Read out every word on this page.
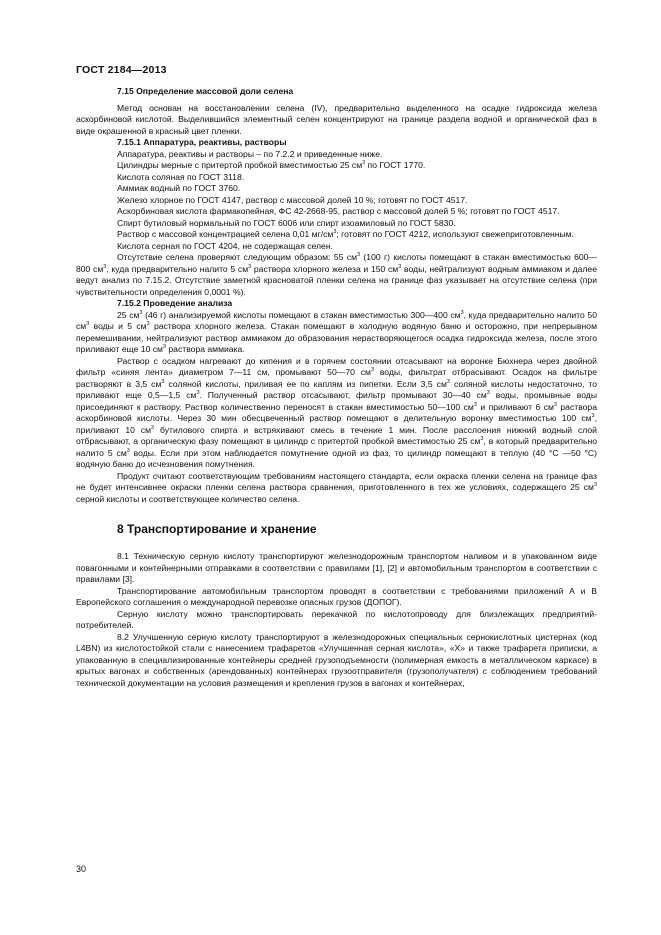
ГОСТ 2184—2013

7.15 Определение массовой доли селена

Метод основан на восстановлении селена (IV), предварительно выделенного на осадке гидроксида железа аскорбиновой кислотой. Выделившийся элементный селен концентрируют на границе раздела водной и органической фаз в виде окрашенной в красный цвет пленки.

7.15.1 Аппаратура, реактивы, растворы

Аппаратура, реактивы и растворы – по 7.2.2 и приведенные ниже.

Цилиндры мерные с притертой пробкой вместимостью 25 $см^3$ по ГОСТ 1770.

Кислота соляная по ГОСТ 3118.

Аммиак водный по ГОСТ 3760.

Железо хлорное по ГОСТ 4147, раствор с массовой долей 10 %; готовят по ГОСТ 4517.

Аскорбиновая кислота фармакопейная, ФС 42-2668-95, раствор с массовой долей 5 %; готовят по ГОСТ 4517.

Спирт бутиловый нормальный по ГОСТ 6006 или спирт изоамиловый по ГОСТ 5830.

Раствор с массовой концентрацией селена 0,01 $мг/см^3$; готовят по ГОСТ 4212, используют свежеприготовленным.

Кислота серная по ГОСТ 4204, не содержащая селен.

Отсутствие селена проверяют следующим образом: 55 $см^3$ (100 г) кислоты помещают в стакан вместимостью 600—800 $см^3$, куда предварительно налито 5 $см^3$ раствора хлорного железа и 150 $см^3$ воды, нейтрализуют водным аммиаком и далее ведут анализ по 7.15.2. Отсутствие заметной красноватой пленки селена на границе фаз указывает на отсутствие селена (при чувствительности определения 0,0001 %).

7.15.2 Проведение анализа

25 $см^3$ (46 г) анализируемой кислоты помещают в стакан вместимостью 300—400 $см^3$, куда предварительно налито 50 $см^3$ воды и 5 $см^3$ раствора хлорного железа. Стакан помещают в холодную водяную баню и осторожно, при непрерывном перемешивании, нейтрализуют раствор аммиаком до образования нерастворяющегося осадка гидроксида железа, после этого приливают еще 10 $см^3$ раствора аммиака.

Раствор с осадком нагревают до кипения и в горячем состоянии отсасывают на воронке Бюхнера через двойной фильтр «синяя лента» диаметром 7—11 см, промывают 50—70 $см^3$ воды, фильтрат отбрасывают. Осадок на фильтре растворяют в 3,5 $см^3$ соляной кислоты, приливая ее по каплям из пипетки. Если 3,5 $см^3$ соляной кислоты недостаточно, то приливают еще 0,5—1,5 $см^3$. Полученный раствор отсасывают, фильтр промывают 30—40 $см^3$ воды, промывные воды присоединяют к раствору. Раствор количественно переносят в стакан вместимостью 50—100 $см^3$ и приливают 6 $см^3$ раствора аскорбиновой кислоты. Через 30 мин обесцвеченный раствор помещают в делительную воронку вместимостью 100 $см^3$, приливают 10 $см^3$ бутилового спирта и встряхивают смесь в течение 1 мин. После расслоения нижний водный слой отбрасывают, а органическую фазу помещают в цилиндр с притертой пробкой вместимостью 25 $см^3$, в который предварительно налито 5 $см^3$ воды. Если при этом наблюдается помутнение одной из фаз, то цилиндр помещают в теплую (40 °С —50 °С) водяную баню до исчезновения помутнения.

Продукт считают соответствующим требованиям настоящего стандарта, если окраска пленки селена на границе фаз не будет интенсивнее окраски пленки селена раствора сравнения, приготовленного в тех же условиях, содержащего 25 $см^3$ серной кислоты и соответствующее количество селена.

8 Транспортирование и хранение

8.1 Техническую серную кислоту транспортируют железнодорожным транспортом наливом и в упакованном виде повагонными и контейнерными отправками в соответствии с правилами [1], [2] и автомобильным транспортом в соответствии с правилами [3].

Транспортирование автомобильным транспортом проводят в соответствии с требованиями приложений А и В Европейского соглашения о международной перевозке опасных грузов (ДОПОГ).

Серную кислоту можно транспортировать перекачкой по кислотопроводу для близлежащих предприятий-потребителей.

8.2 Улучшенную серную кислоту транспортируют в железнодорожных специальных сернокислотных цистернах (код L4BN) из кислотостойкой стали с нанесением трафаретов «Улучшенная серная кислота», «X» и также трафарета приписки, а упакованную в специализированные контейнеры средней грузоподъемности (полимерная емкость в металлическом каркасе) в крытых вагонах и собственных (арендованных) контейнерах грузоотправителя (грузополучателя) с соблюдением требований технической документации на условия размещения и крепления грузов в вагонах и контейнерах,

30
